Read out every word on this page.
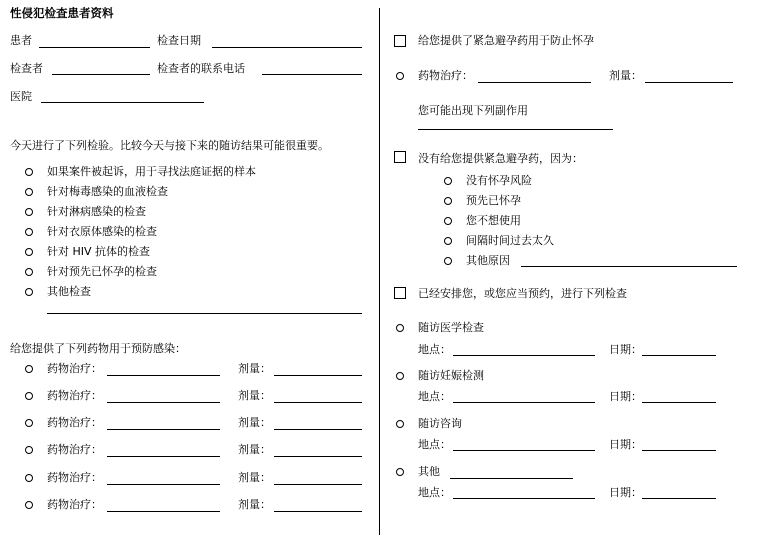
性侵犯检查患者资料
患者	检查日期
检查者	检查者的联系电话
医院
今天进行了下列检验。比较今天与接下来的随访结果可能很重要。
如果案件被起诉，用于寻找法庭证据的样本
针对梅毒感染的血液检查
针对淋病感染的检查
针对衣原体感染的检查
针对 HIV 抗体的检查
针对预先已怀孕的检查
其他检查
给您提供了下列药物用于预防感染：
药物治疗：	剂量：
药物治疗：	剂量：
药物治疗：	剂量：
药物治疗：	剂量：
药物治疗：	剂量：
药物治疗：	剂量：
给您提供了紧急避孕药用于防止怀孕
药物治疗：	剂量：
您可能出现下列副作用
没有给您提供紧急避孕药，因为：
没有怀孕风险
预先已怀孕
您不想使用
间隔时间过去太久
其他原因
已经安排您，或您应当预约，进行下列检查
随访医学检查
地点：	日期：
随访妊娠检测
地点：	日期：
随访咨询
地点：	日期：
其他
地点：	日期：
